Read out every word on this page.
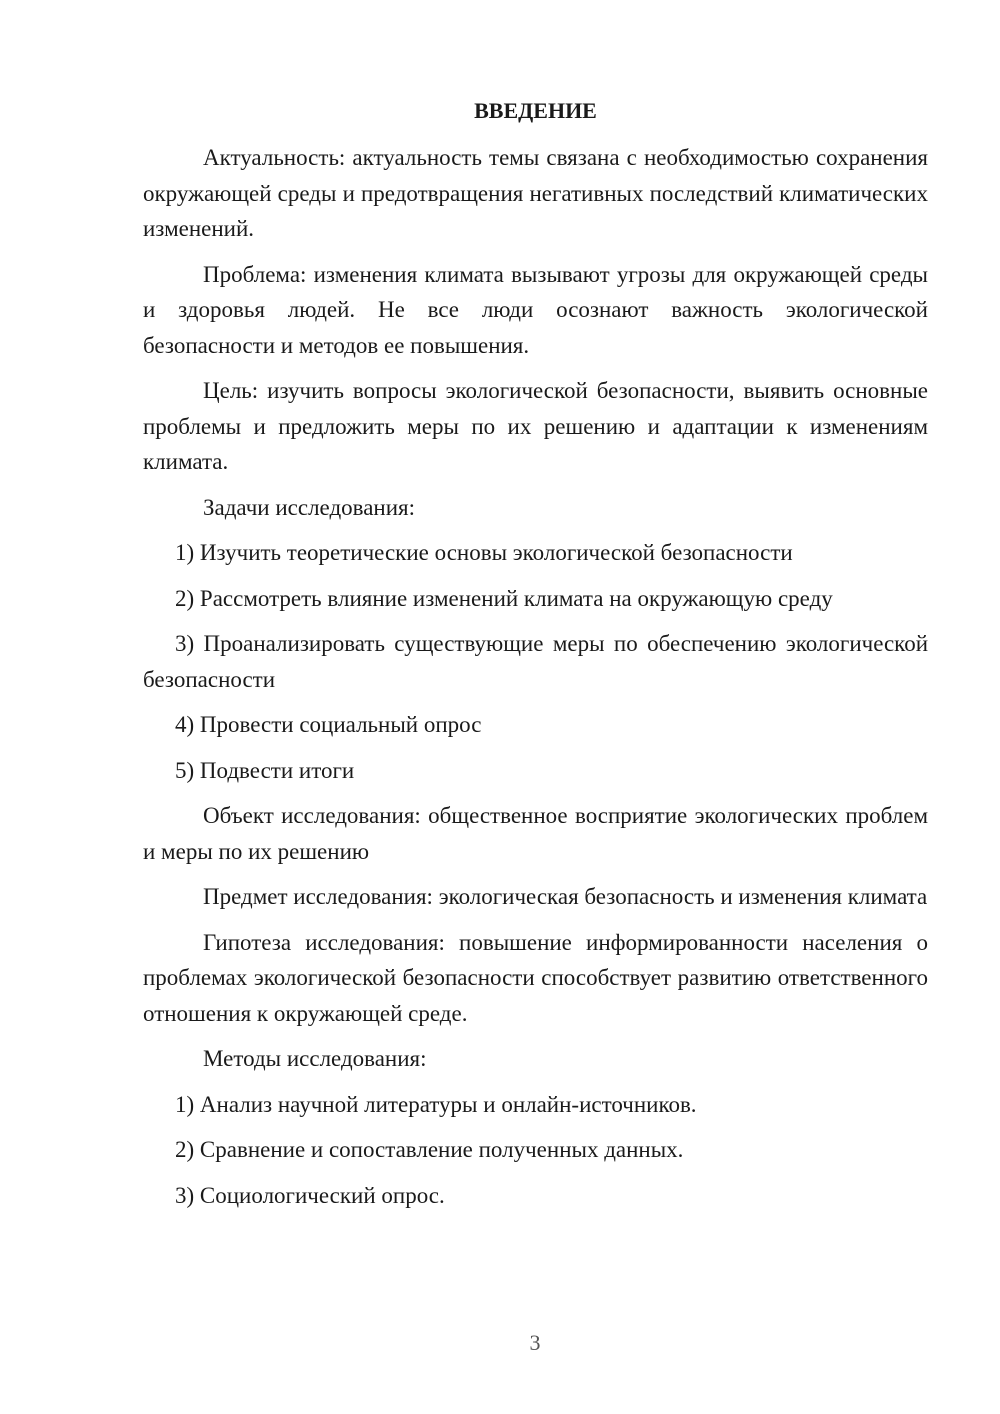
ВВЕДЕНИЕ

Актуальность: актуальность темы связана с необходимостью сохранения окружающей среды и предотвращения негативных последствий климатических изменений.

Проблема: изменения климата вызывают угрозы для окружающей среды и здоровья людей. Не все люди осознают важность экологической безопасности и методов ее повышения.

Цель: изучить вопросы экологической безопасности, выявить основные проблемы и предложить меры по их решению и адаптации к изменениям климата.

Задачи исследования:

1) Изучить теоретические основы экологической безопасности

2) Рассмотреть влияние изменений климата на окружающую среду

3) Проанализировать существующие меры по обеспечению экологической безопасности

4) Провести социальный опрос

5) Подвести итоги

Объект исследования: общественное восприятие экологических проблем и меры по их решению

Предмет исследования: экологическая безопасность и изменения климата

Гипотеза исследования: повышение информированности населения о проблемах экологической безопасности способствует развитию ответственного отношения к окружающей среде.

Методы исследования:

1) Анализ научной литературы и онлайн-источников.

2) Сравнение и сопоставление полученных данных.

3) Социологический опрос.

3
